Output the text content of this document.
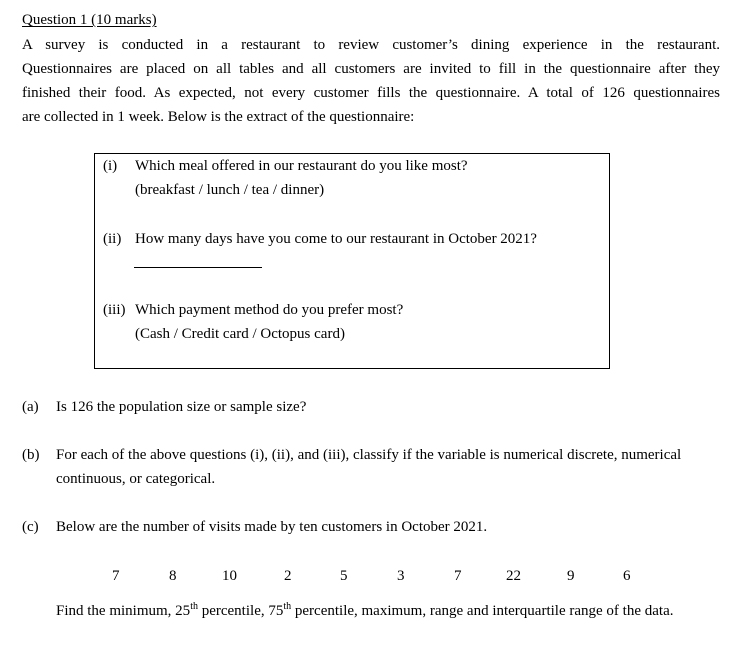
Question 1 (10 marks)
A survey is conducted in a restaurant to review customer’s dining experience in the restaurant.
Questionnaires are placed on all tables and all customers are invited to fill in the questionnaire after they
finished their food. As expected, not every customer fills the questionnaire. A total of 126 questionnaires
are collected in 1 week. Below is the extract of the questionnaire:
(i) Which meal offered in our restaurant do you like most?
(breakfast / lunch / tea / dinner)
(ii) How many days have you come to our restaurant in October 2021?
(iii) Which payment method do you prefer most?
(Cash / Credit card / Octopus card)
(a) Is 126 the population size or sample size?
(b) For each of the above questions (i), (ii), and (iii), classify if the variable is numerical discrete, numerical
continuous, or categorical.
(c) Below are the number of visits made by ten customers in October 2021.
7	8	10	2	5	3	7	22	9	6
Find the minimum, 25th percentile, 75th percentile, maximum, range and interquartile range of the data.
